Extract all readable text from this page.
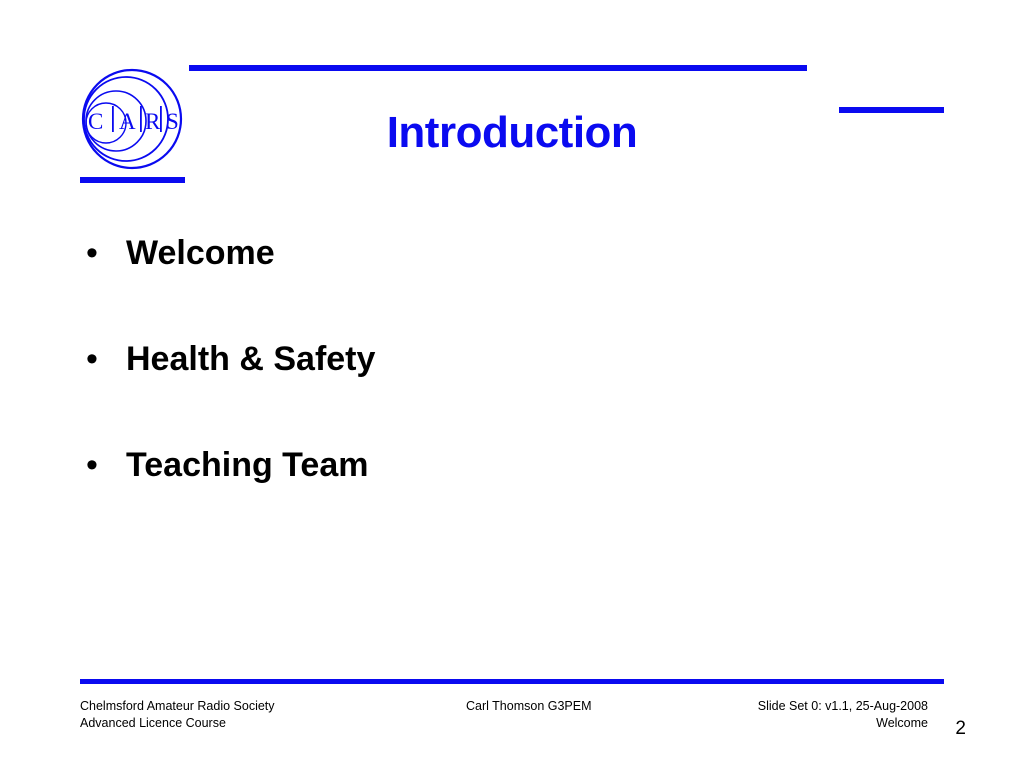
C A R S	Introduction
• Welcome
• Health & Safety
• Teaching Team
Chelmsford Amateur Radio Society
Advanced Licence Course
Carl Thomson G3PEM	Slide Set 0: v1.1, 25-Aug-2008
Welcome 2
